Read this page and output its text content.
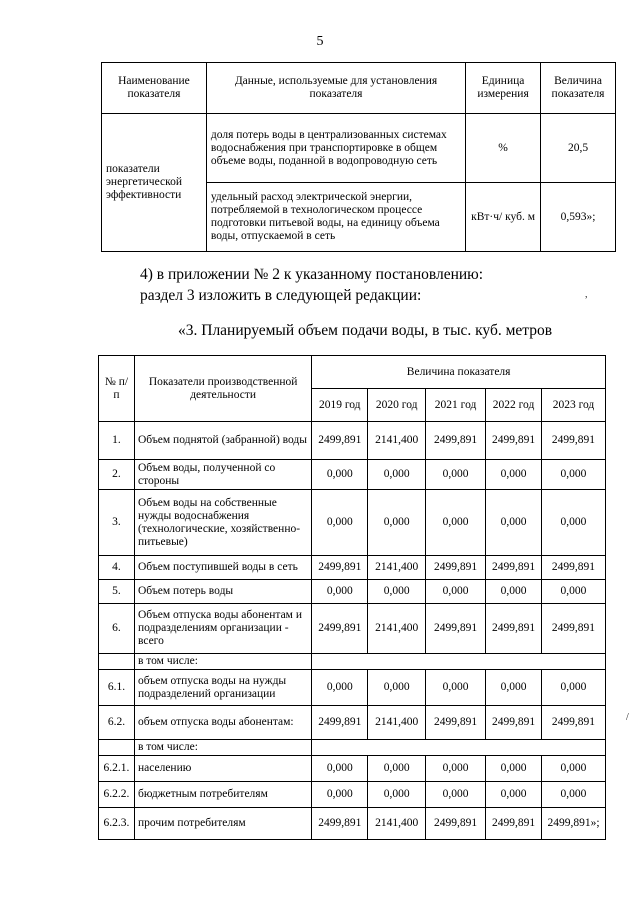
5
Наименование показателя	Данные, используемые для установления показателя	Единица измерения	Величина показателя
показатели энергетической эффективности	доля потерь воды в централизованных системах водоснабжения при транспортировке в общем объеме воды, поданной в водопроводную сеть	%	20,5
	удельный расход электрической энергии, потребляемой в технологическом процессе подготовки питьевой воды, на единицу объема воды, отпускаемой в сеть	кВт·ч/ куб. м	0,593»;
4) в приложении № 2 к указанному постановлению:
раздел 3 изложить в следующей редакции:
«3. Планируемый объем подачи воды, в тыс. куб. метров
№ п/п	Показатели производственной деятельности	Величина показателя				
		2019 год	2020 год	2021 год	2022 год	2023 год
1.	Объем поднятой (забранной) воды	2499,891	2141,400	2499,891	2499,891	2499,891
2.	Объем воды, полученной со стороны	0,000	0,000	0,000	0,000	0,000
3.	Объем воды на собственные нужды водоснабжения (технологические, хозяйственно-питьевые)	0,000	0,000	0,000	0,000	0,000
4.	Объем поступившей воды в сеть	2499,891	2141,400	2499,891	2499,891	2499,891
5.	Объем потерь воды	0,000	0,000	0,000	0,000	0,000
6.	Объем отпуска воды абонентам и подразделениям организации - всего	2499,891	2141,400	2499,891	2499,891	2499,891
	в том числе:					
6.1.	объем отпуска воды на нужды подразделений организации	0,000	0,000	0,000	0,000	0,000
6.2.	объем отпуска воды абонентам:	2499,891	2141,400	2499,891	2499,891	2499,891
	в том числе:					
6.2.1.	населению	0,000	0,000	0,000	0,000	0,000
6.2.2.	бюджетным потребителям	0,000	0,000	0,000	0,000	0,000
6.2.3.	прочим потребителям	2499,891	2141,400	2499,891	2499,891	2499,891»;
,
/
